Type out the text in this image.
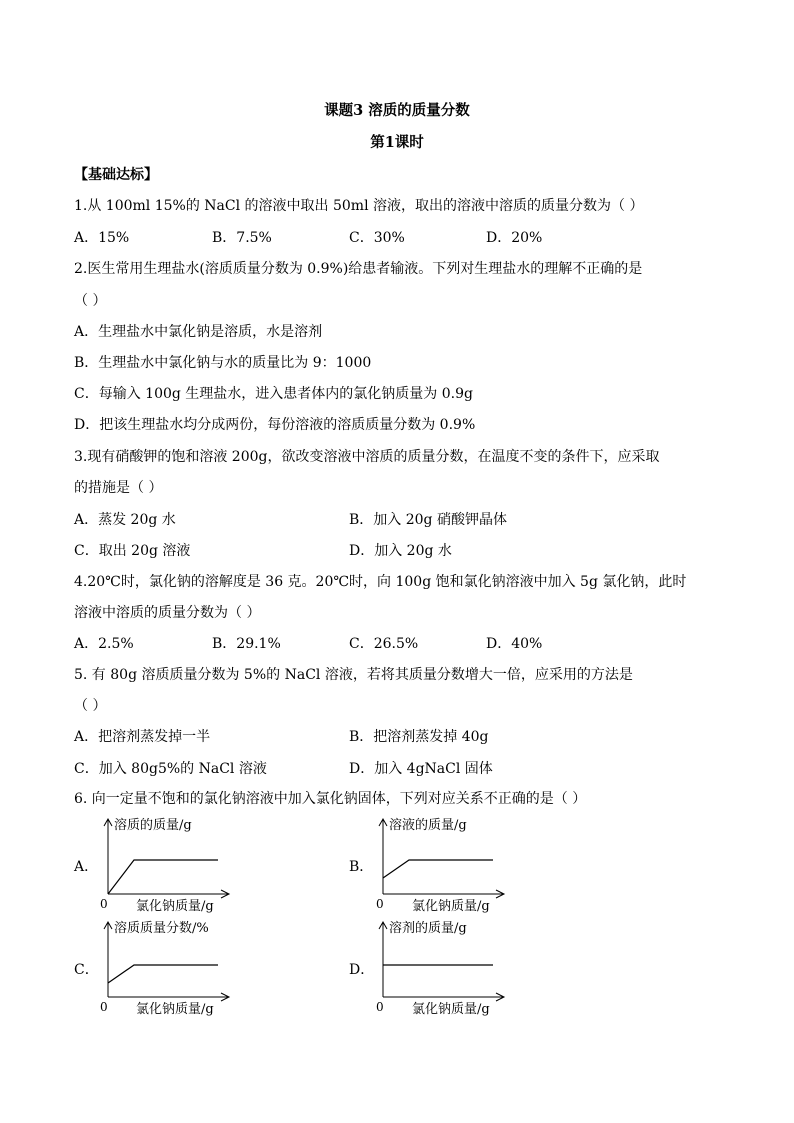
课题3 溶质的质量分数
第1课时
【基础达标】
1.从 100ml 15%的 NaCl 的溶液中取出 50ml 溶液，取出的溶液中溶质的质量分数为（ ）
A．15%	B．7.5%	C．30%	D．20%
2.医生常用生理盐水(溶质质量分数为 0.9%)给患者输液。下列对生理盐水的理解不正确的是
（ ）
A．生理盐水中氯化钠是溶质，水是溶剂
B．生理盐水中氯化钠与水的质量比为 9：1000
C．每输入 100g 生理盐水，进入患者体内的氯化钠质量为 0.9g
D．把该生理盐水均分成两份，每份溶液的溶质质量分数为 0.9%
3.现有硝酸钾的饱和溶液 200g，欲改变溶液中溶质的质量分数，在温度不变的条件下，应采取
的措施是（ ）
A．蒸发 20g 水	B．加入 20g 硝酸钾晶体
C．取出 20g 溶液	D．加入 20g 水
4.20℃时，氯化钠的溶解度是 36 克。20℃时，向 100g 饱和氯化钠溶液中加入 5g 氯化钠，此时
溶液中溶质的质量分数为（ ）
A．2.5%	B．29.1%	C．26.5%	D．40%
5. 有 80g 溶质质量分数为 5%的 NaCl 溶液，若将其质量分数增大一倍，应采用的方法是
（ ）
A．把溶剂蒸发掉一半	B．把溶剂蒸发掉 40g
C．加入 80g5%的 NaCl 溶液	D．加入 4gNaCl 固体
6. 向一定量不饱和的氯化钠溶液中加入氯化钠固体，下列对应关系不正确的是（ ）
A．
溶质的质量/g
0 氯化钠质量/g
B．
溶液的质量/g
0 氯化钠质量/g
C．
溶质质量分数/%
0 氯化钠质量/g
D．
溶剂的质量/g
0 氯化钠质量/g
